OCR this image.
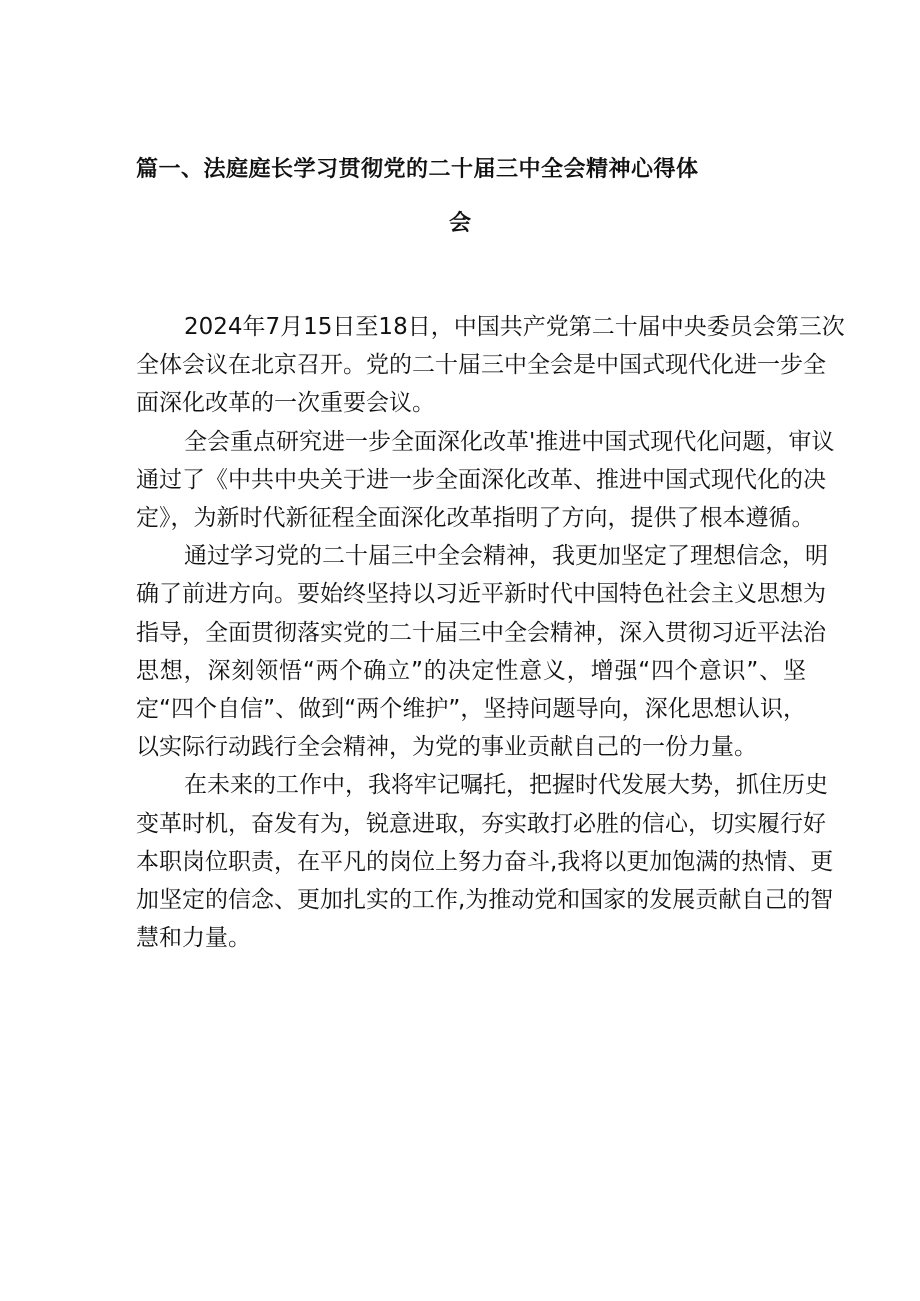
篇一、法庭庭长学习贯彻党的二十届三中全会精神心得体
会
2024年7月15日至18日，中国共产党第二十届中央委员会第三次
全体会议在北京召开。党的二十届三中全会是中国式现代化进一步全
面深化改革的一次重要会议。
全会重点研究进一步全面深化改革'推进中国式现代化问题，审议
通过了《中共中央关于进一步全面深化改革、推进中国式现代化的决
定》，为新时代新征程全面深化改革指明了方向，提供了根本遵循。
通过学习党的二十届三中全会精神，我更加坚定了理想信念，明
确了前进方向。要始终坚持以习近平新时代中国特色社会主义思想为
指导，全面贯彻落实党的二十届三中全会精神，深入贯彻习近平法治
思想，深刻领悟“两个确立”的决定性意义，增强“四个意识”、坚
定“四个自信”、做到“两个维护”，坚持问题导向，深化思想认识，
以实际行动践行全会精神，为党的事业贡献自己的一份力量。
在未来的工作中，我将牢记嘱托，把握时代发展大势，抓住历史
变革时机，奋发有为，锐意进取，夯实敢打必胜的信心，切实履行好
本职岗位职责，在平凡的岗位上努力奋斗,我将以更加饱满的热情、更
加坚定的信念、更加扎实的工作,为推动党和国家的发展贡献自己的智
慧和力量。
